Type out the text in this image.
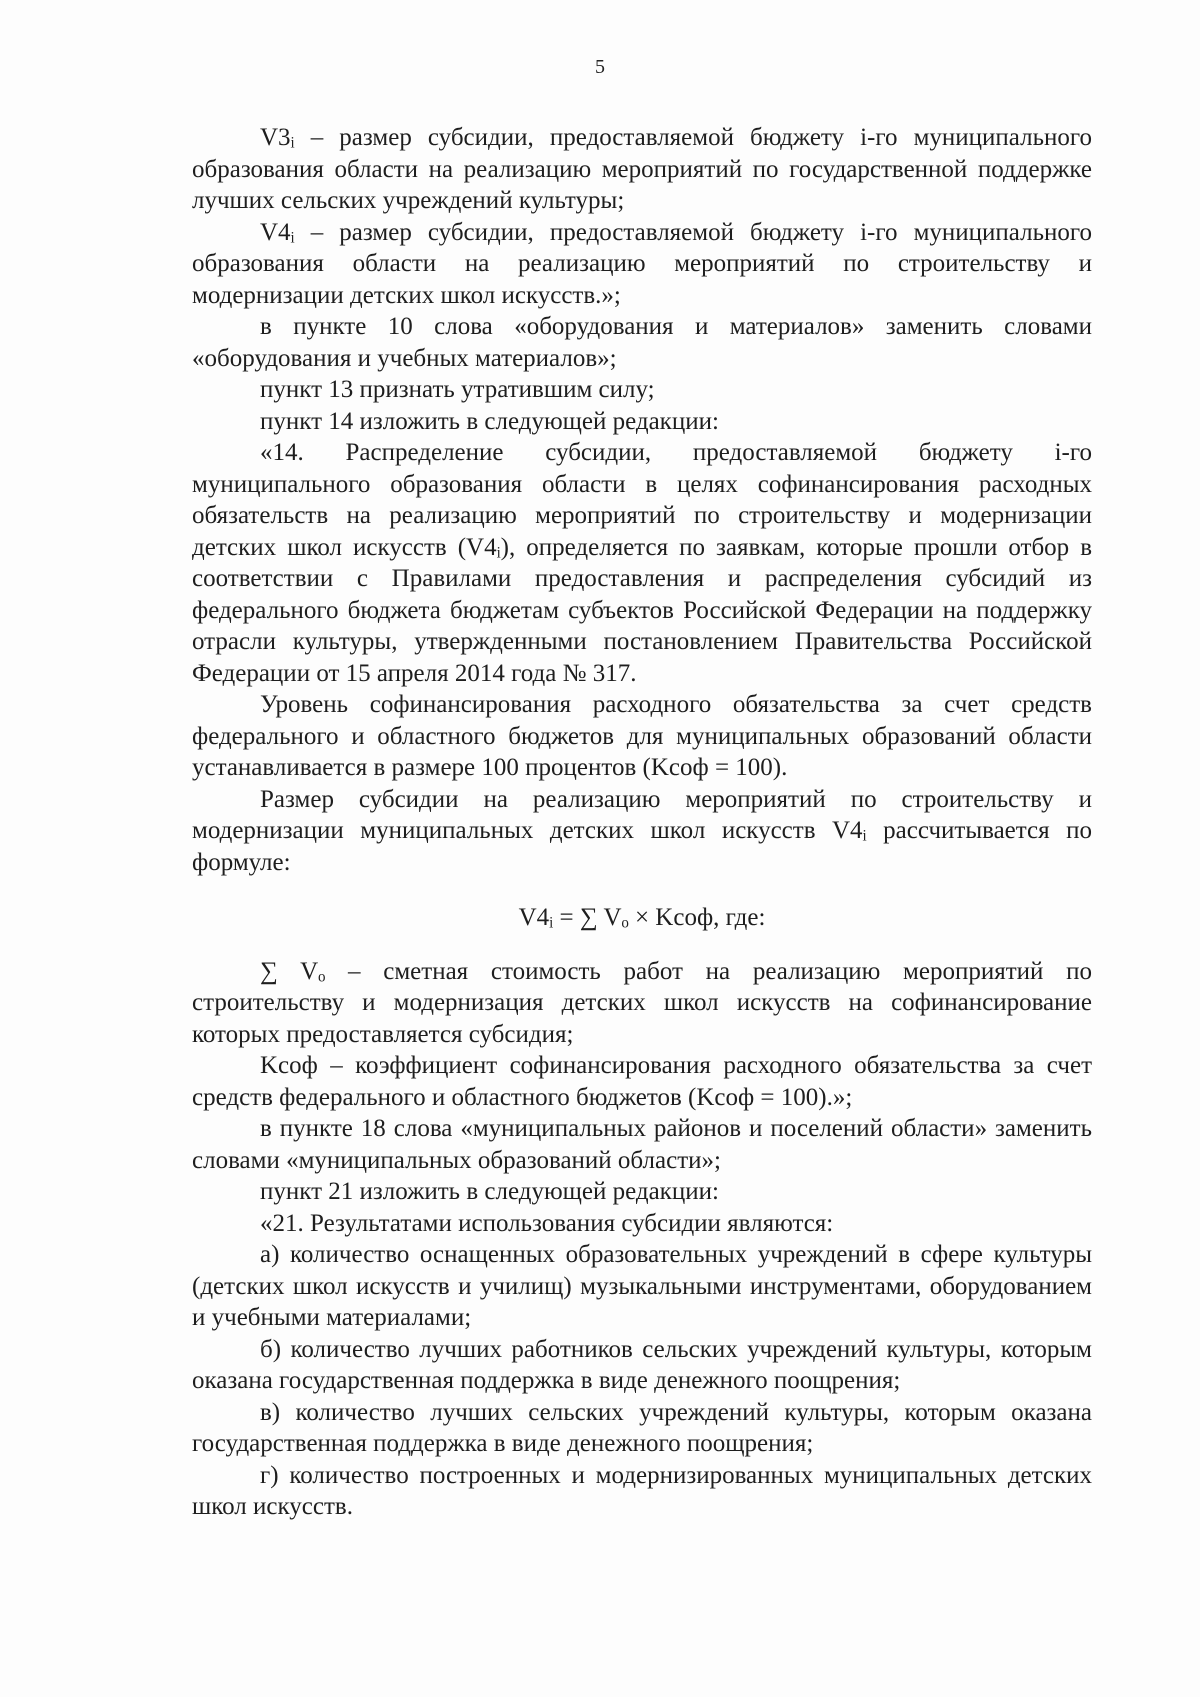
5

V3ᵢ – размер субсидии, предоставляемой бюджету i-го муниципального образования области на реализацию мероприятий по государственной поддержке лучших сельских учреждений культуры;

V4ᵢ – размер субсидии, предоставляемой бюджету i-го муниципального образования области на реализацию мероприятий по строительству и модернизации детских школ искусств.»;

в пункте 10 слова «оборудования и материалов» заменить словами «оборудования и учебных материалов»;

пункт 13 признать утратившим силу;

пункт 14 изложить в следующей редакции:

«14. Распределение субсидии, предоставляемой бюджету i-го муниципального образования области в целях софинансирования расходных обязательств на реализацию мероприятий по строительству и модернизации детских школ искусств (V4ᵢ), определяется по заявкам, которые прошли отбор в соответствии с Правилами предоставления и распределения субсидий из федерального бюджета бюджетам субъектов Российской Федерации на поддержку отрасли культуры, утвержденными постановлением Правительства Российской Федерации от 15 апреля 2014 года № 317.

Уровень софинансирования расходного обязательства за счет средств федерального и областного бюджетов для муниципальных образований области устанавливается в размере 100 процентов (Kсоф = 100).

Размер субсидии на реализацию мероприятий по строительству и модернизации муниципальных детских школ искусств V4ᵢ рассчитывается по формуле:

V4ᵢ = ∑ Vₒ × Kсоф, где:

∑ Vₒ – сметная стоимость работ на реализацию мероприятий по строительству и модернизация детских школ искусств на софинансирование которых предоставляется субсидия;

Kсоф – коэффициент софинансирования расходного обязательства за счет средств федерального и областного бюджетов (Kсоф = 100).»;

в пункте 18 слова «муниципальных районов и поселений области» заменить словами «муниципальных образований области»;

пункт 21 изложить в следующей редакции:

«21. Результатами использования субсидии являются:

а) количество оснащенных образовательных учреждений в сфере культуры (детских школ искусств и училищ) музыкальными инструментами, оборудованием и учебными материалами;

б) количество лучших работников сельских учреждений культуры, которым оказана государственная поддержка в виде денежного поощрения;

в) количество лучших сельских учреждений культуры, которым оказана государственная поддержка в виде денежного поощрения;

г) количество построенных и модернизированных муниципальных детских школ искусств.
